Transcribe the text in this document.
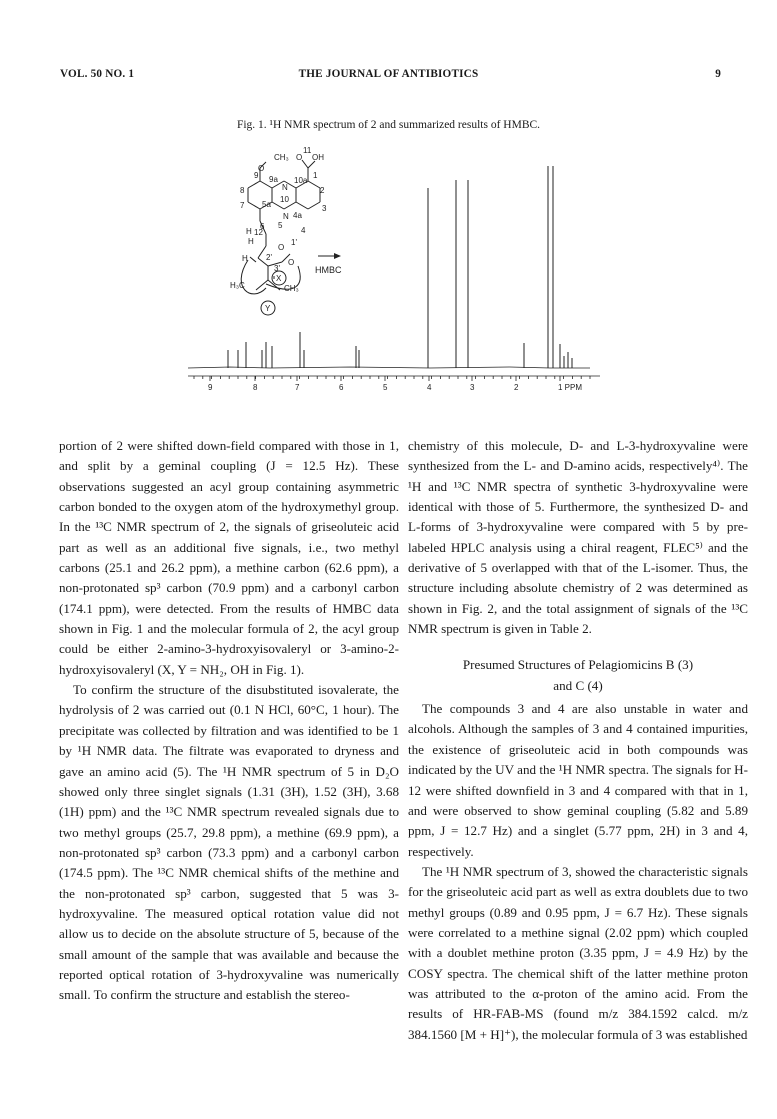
VOL. 50 NO. 1	THE JOURNAL OF ANTIBIOTICS	9
Fig. 1. ¹H NMR spectrum of 2 and summarized results of HMBC.
CH₃
O
O
11
OH
9 9a
N
10a
1
2
8
10
7 5a
N 4a
3
6 5
4
H 12
H
O
1'
H 2'
O
X
3'
H₃C	CH₃
Y
9	8	7	6	5	4	3	2	1 PPM
HMBC

portion of 2 were shifted down-field compared with those in 1, and split by a geminal coupling (J = 12.5 Hz). These observations suggested an acyl group containing asymmetric carbon bonded to the oxygen atom of the hydroxymethyl group. In the ¹³C NMR spectrum of 2, the signals of griseoluteic acid part as well as an additional five signals, i.e., two methyl carbons (25.1 and 26.2 ppm), a methine carbon (62.6 ppm), a non-protonated sp³ carbon (70.9 ppm) and a carbonyl carbon (174.1 ppm), were detected. From the results of HMBC data shown in Fig. 1 and the molecular formula of 2, the acyl group could be either 2-amino-3-hydroxyisovaleryl or 3-amino-2-hydroxyisovaleryl (X, Y = NH₂, OH in Fig. 1).

To confirm the structure of the disubstituted isovalerate, the hydrolysis of 2 was carried out (0.1 N HCl, 60°C, 1 hour). The precipitate was collected by filtration and was identified to be 1 by ¹H NMR data. The filtrate was evaporated to dryness and gave an amino acid (5). The ¹H NMR spectrum of 5 in D₂O showed only three singlet signals (1.31 (3H), 1.52 (3H), 3.68 (1H) ppm) and the ¹³C NMR spectrum revealed signals due to two methyl groups (25.7, 29.8 ppm), a methine (69.9 ppm), a non-protonated sp³ carbon (73.3 ppm) and a carbonyl carbon (174.5 ppm). The ¹³C NMR chemical shifts of the methine and the non-protonated sp³ carbon, suggested that 5 was 3-hydroxyvaline. The measured optical rotation value did not allow us to decide on the absolute structure of 5, because of the small amount of the sample that was available and because the reported optical rotation of 3-hydroxyvaline was numerically small. To confirm the structure and establish the stereo-

chemistry of this molecule, D- and L-3-hydroxyvaline were synthesized from the L- and D-amino acids, respectively⁴⁾. The ¹H and ¹³C NMR spectra of synthetic 3-hydroxyvaline were identical with those of 5. Furthermore, the synthesized D- and L-forms of 3-hydroxyvaline were compared with 5 by pre-labeled HPLC analysis using a chiral reagent, FLEC⁵⁾ and the derivative of 5 overlapped with that of the L-isomer. Thus, the structure including absolute chemistry of 2 was determined as shown in Fig. 2, and the total assignment of signals of the ¹³C NMR spectrum is given in Table 2.

Presumed Structures of Pelagiomicins B (3)
and C (4)

The compounds 3 and 4 are also unstable in water and alcohols. Although the samples of 3 and 4 contained impurities, the existence of griseoluteic acid in both compounds was indicated by the UV and the ¹H NMR spectra. The signals for H-12 were shifted downfield in 3 and 4 compared with that in 1, and were observed to show geminal coupling (5.82 and 5.89 ppm, J = 12.7 Hz) and a singlet (5.77 ppm, 2H) in 3 and 4, respectively.

The ¹H NMR spectrum of 3, showed the characteristic signals for the griseoluteic acid part as well as extra doublets due to two methyl groups (0.89 and 0.95 ppm, J = 6.7 Hz). These signals were correlated to a methine signal (2.02 ppm) which coupled with a doublet methine proton (3.35 ppm, J = 4.9 Hz) by the COSY spectra. The chemical shift of the latter methine proton was attributed to the α-proton of the amino acid. From the results of HR-FAB-MS (found m/z 384.1592 calcd. m/z 384.1560 [M + H]⁺), the molecular formula of 3 was established
